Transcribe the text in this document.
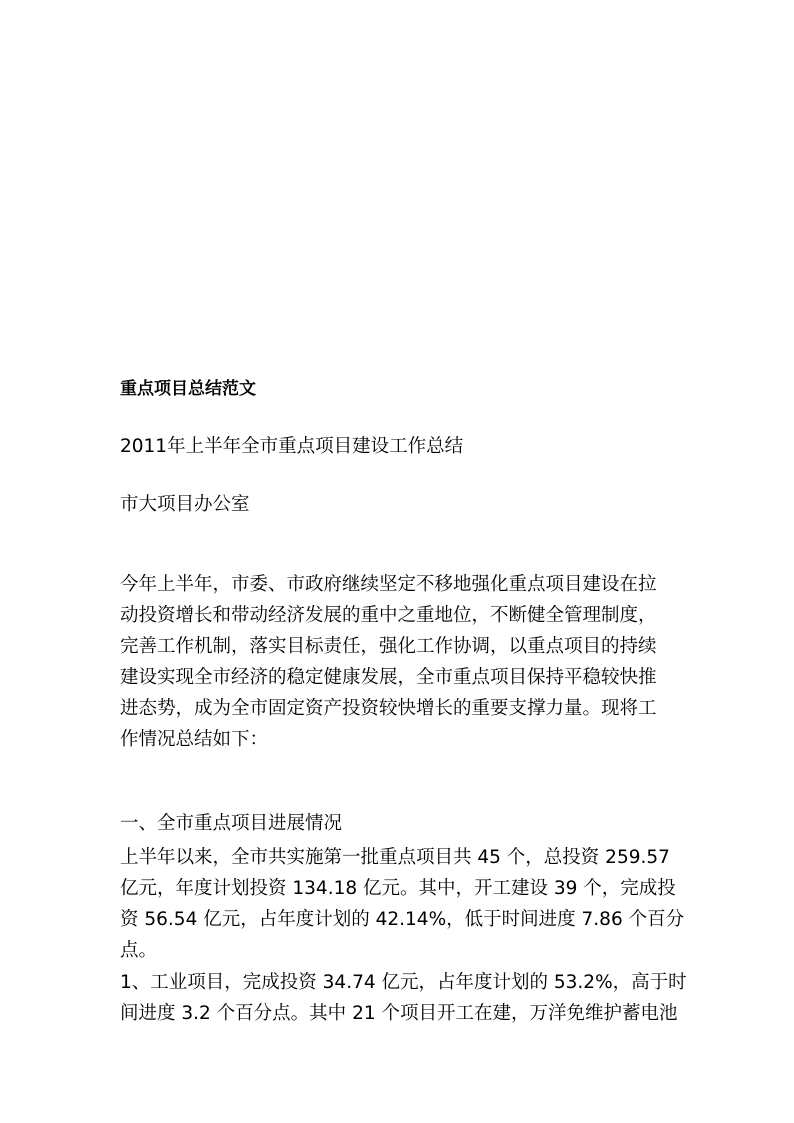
重点项目总结范文
2011年上半年全市重点项目建设工作总结
市大项目办公室
今年上半年，市委、市政府继续坚定不移地强化重点项目建设在拉
动投资增长和带动经济发展的重中之重地位，不断健全管理制度，
完善工作机制，落实目标责任，强化工作协调，以重点项目的持续
建设实现全市经济的稳定健康发展，全市重点项目保持平稳较快推
进态势，成为全市固定资产投资较快增长的重要支撑力量。现将工
作情况总结如下：
一、全市重点项目进展情况
上半年以来，全市共实施第一批重点项目共 45 个，总投资 259.57
亿元，年度计划投资 134.18 亿元。其中，开工建设 39 个，完成投
资 56.54 亿元，占年度计划的 42.14%，低于时间进度 7.86 个百分
点。
1、工业项目，完成投资 34.74 亿元，占年度计划的 53.2%，高于时
间进度 3.2 个百分点。其中 21 个项目开工在建，万洋免维护蓄电池
